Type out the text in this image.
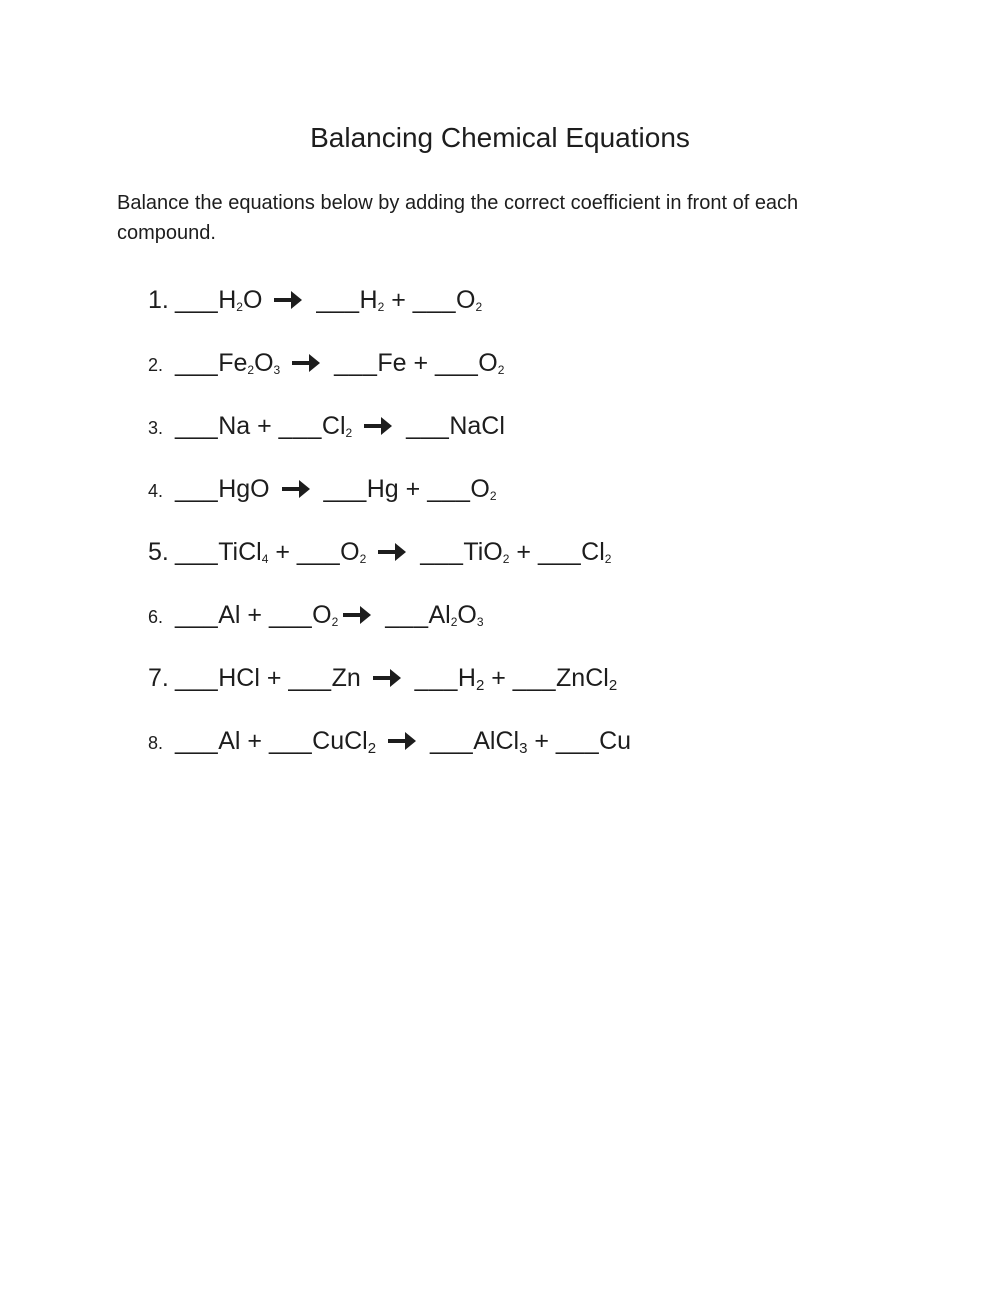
Balancing Chemical Equations
Balance the equations below by adding the correct coefficient in front of each compound.
1. $\_\_\_H_2O$  $\_\_\_H_2$ + $\_\_\_O_2$
2. $\_\_\_Fe_2O_3$ ___Fe + $\_\_\_O_2$
3. ___Na + $\_\_\_Cl_2$ ___NaCl
4. ___HgO  ___Hg + $\_\_\_O_2$
5. ___TiCl$_4$ + $\_\_\_O_2$ ___TiO$_2$ + $\_\_\_Cl_2$
6. ___Al + $\_\_\_O_2$ $\_\_\_Al_2O_3$
7. ___HCl + ___Zn  $\_\_\_H_2$ + ___ZnCl$_2$
8. ___Al + ___CuCl$_2$ ___AlCl$_3$ + ___Cu
